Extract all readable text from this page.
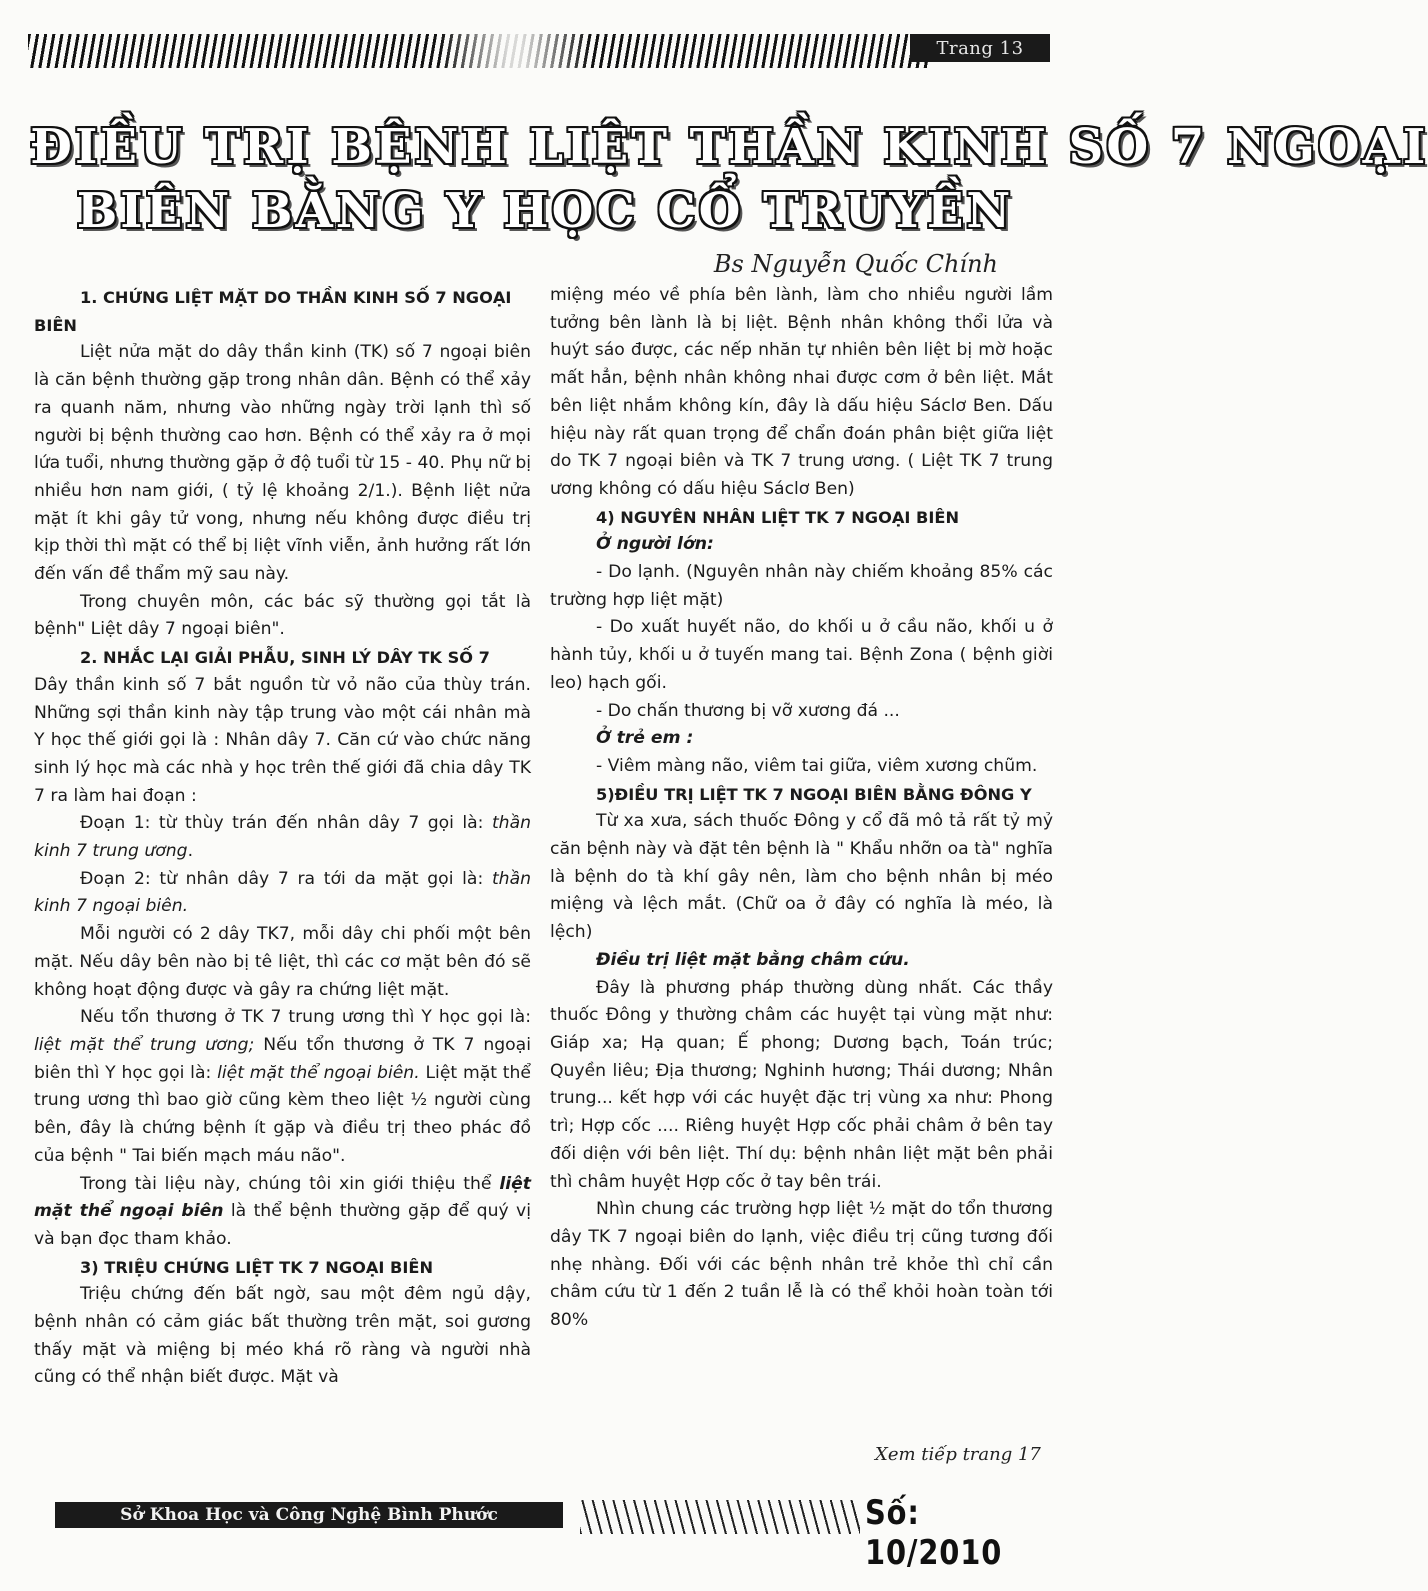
Trang 13
ĐIỀU TRỊ BỆNH LIỆT THẦN KINH SỐ 7 NGOẠI
BIÊN BẰNG Y HỌC CỔ TRUYỀN
Bs Nguyễn Quốc Chính

1. CHỨNG LIỆT MẶT DO THẦN KINH SỐ 7 NGOẠI

BIÊN

Liệt nửa mặt do dây thần kinh (TK) số 7 ngoại biên là căn bệnh thường gặp trong nhân dân. Bệnh có thể xảy ra quanh năm, nhưng vào những ngày trời lạnh thì số người bị bệnh thường cao hơn. Bệnh có thể xảy ra ở mọi lứa tuổi, nhưng thường gặp ở độ tuổi từ 15 - 40. Phụ nữ bị nhiều hơn nam giới, ( tỷ lệ khoảng 2/1.). Bệnh liệt nửa mặt ít khi gây tử vong, nhưng nếu không được điều trị kịp thời thì mặt có thể bị liệt vĩnh viễn, ảnh hưởng rất lớn đến vấn đề thẩm mỹ sau này.

Trong chuyên môn, các bác sỹ thường gọi tắt là bệnh" Liệt dây 7 ngoại biên".

2. NHẮC LẠI GIẢI PHẪU, SINH LÝ DÂY TK SỐ 7

Dây thần kinh số 7 bắt nguồn từ vỏ não của thùy trán. Những sợi thần kinh này tập trung vào một cái nhân mà Y học thế giới gọi là : Nhân dây 7. Căn cứ vào chức năng sinh lý học mà các nhà y học trên thế giới đã chia dây TK 7 ra làm hai đoạn :

Đoạn 1: từ thùy trán đến nhân dây 7 gọi là: thần kinh 7 trung ương.

Đoạn 2: từ nhân dây 7 ra tới da mặt gọi là: thần kinh 7 ngoại biên.

Mỗi người có 2 dây TK7, mỗi dây chi phối một bên mặt. Nếu dây bên nào bị tê liệt, thì các cơ mặt bên đó sẽ không hoạt động được và gây ra chứng liệt mặt.

Nếu tổn thương ở TK 7 trung ương thì Y học gọi là: liệt mặt thể trung ương; Nếu tổn thương ở TK 7 ngoại biên thì Y học gọi là: liệt mặt thể ngoại biên. Liệt mặt thể trung ương thì bao giờ cũng kèm theo liệt ½ người cùng bên, đây là chứng bệnh ít gặp và điều trị theo phác đồ của bệnh " Tai biến mạch máu não".

Trong tài liệu này, chúng tôi xin giới thiệu thể liệt mặt thể ngoại biên là thể bệnh thường gặp để quý vị và bạn đọc tham khảo.

3) TRIỆU CHỨNG LIỆT TK 7 NGOẠI BIÊN

Triệu chứng đến bất ngờ, sau một đêm ngủ dậy, bệnh nhân có cảm giác bất thường trên mặt, soi gương thấy mặt và miệng bị méo khá rõ ràng và người nhà cũng có thể nhận biết được. Mặt và

miệng méo về phía bên lành, làm cho nhiều người lầm tưởng bên lành là bị liệt. Bệnh nhân không thổi lửa và huýt sáo được, các nếp nhăn tự nhiên bên liệt bị mờ hoặc mất hẳn, bệnh nhân không nhai được cơm ở bên liệt. Mắt bên liệt nhắm không kín, đây là dấu hiệu Sáclơ Ben. Dấu hiệu này rất quan trọng để chẩn đoán phân biệt giữa liệt do TK 7 ngoại biên và TK 7 trung ương. ( Liệt TK 7 trung ương không có dấu hiệu Sáclơ Ben)

4) NGUYÊN NHÂN LIỆT TK 7 NGOẠI BIÊN

Ở người lớn:

- Do lạnh. (Nguyên nhân này chiếm khoảng 85% các trường hợp liệt mặt)

- Do xuất huyết não, do khối u ở cầu não, khối u ở hành tủy, khối u ở tuyến mang tai. Bệnh Zona ( bệnh giời leo) hạch gối.

- Do chấn thương bị vỡ xương đá ...

Ở trẻ em :

- Viêm màng não, viêm tai giữa, viêm xương chũm.

5)ĐIỀU TRỊ LIỆT TK 7 NGOẠI BIÊN BẰNG ĐÔNG Y

Từ xa xưa, sách thuốc Đông y cổ đã mô tả rất tỷ mỷ căn bệnh này và đặt tên bệnh là " Khẩu nhỡn oa tà" nghĩa là bệnh do tà khí gây nên, làm cho bệnh nhân bị méo miệng và lệch mắt. (Chữ oa ở đây có nghĩa là méo, là lệch)

Điều trị liệt mặt bằng châm cứu.

Đây là phương pháp thường dùng nhất. Các thầy thuốc Đông y thường châm các huyệt tại vùng mặt như: Giáp xa; Hạ quan; Ế phong; Dương bạch, Toán trúc; Quyền liêu; Địa thương; Nghinh hương; Thái dương; Nhân trung... kết hợp với các huyệt đặc trị vùng xa như: Phong trì; Hợp cốc .... Riêng huyệt Hợp cốc phải châm ở bên tay đối diện với bên liệt. Thí dụ: bệnh nhân liệt mặt bên phải thì châm huyệt Hợp cốc ở tay bên trái.

Nhìn chung các trường hợp liệt ½ mặt do tổn thương dây TK 7 ngoại biên do lạnh, việc điều trị cũng tương đối nhẹ nhàng. Đối với các bệnh nhân trẻ khỏe thì chỉ cần châm cứu từ 1 đến 2 tuần lễ là có thể khỏi hoàn toàn tới 80%

Xem tiếp trang 17
Sở Khoa Học và Công Nghệ Bình Phước	Số: 10/2010
